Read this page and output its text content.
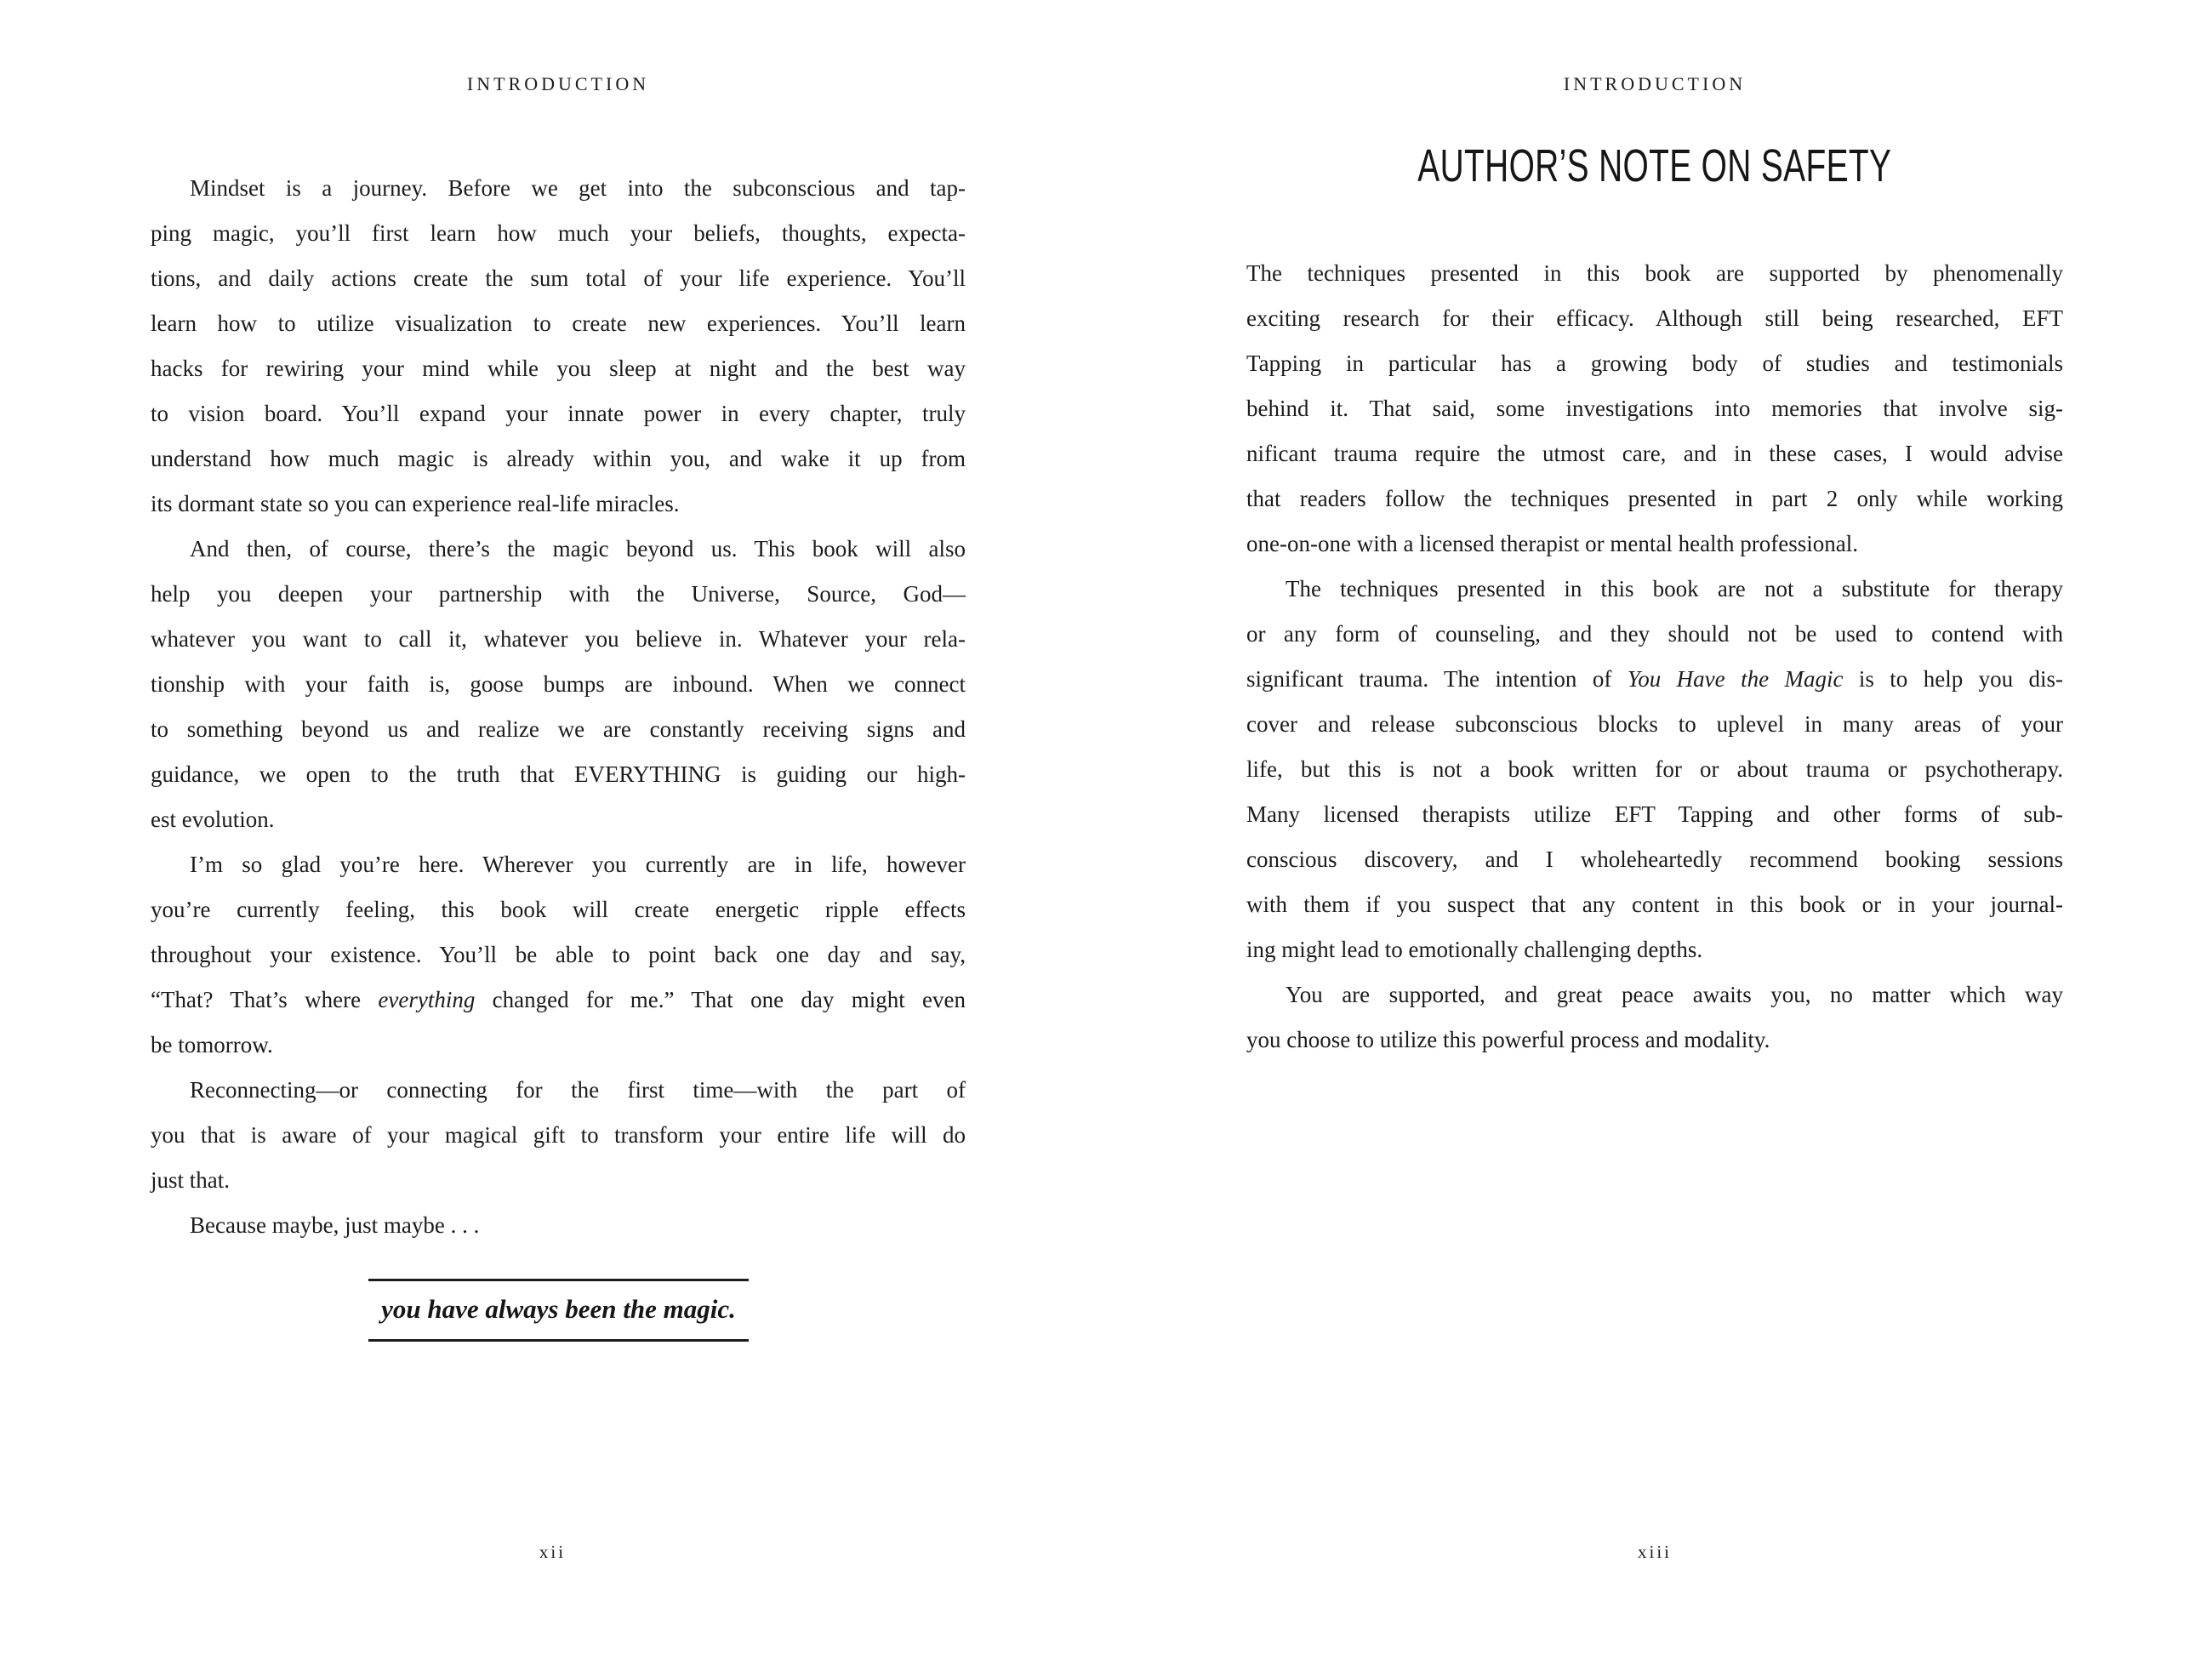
INTRODUCTION
Mindset is a journey. Before we get into the subconscious and tap-
ping magic, you’ll first learn how much your beliefs, thoughts, expecta-
tions, and daily actions create the sum total of your life experience. You’ll
learn how to utilize visualization to create new experiences. You’ll learn
hacks for rewiring your mind while you sleep at night and the best way
to vision board. You’ll expand your innate power in every chapter, truly
understand how much magic is already within you, and wake it up from
its dormant state so you can experience real-life miracles.
And then, of course, there’s the magic beyond us. This book will also
help you deepen your partnership with the Universe, Source, God—
whatever you want to call it, whatever you believe in. Whatever your rela-
tionship with your faith is, goose bumps are inbound. When we connect
to something beyond us and realize we are constantly receiving signs and
guidance, we open to the truth that EVERYTHING is guiding our high-
est evolution.
I’m so glad you’re here. Wherever you currently are in life, however
you’re currently feeling, this book will create energetic ripple effects
throughout your existence. You’ll be able to point back one day and say,
“That? That’s where everything changed for me.” That one day might even
be tomorrow.
Reconnecting—or connecting for the first time—with the part of
you that is aware of your magical gift to transform your entire life will do
just that.
Because maybe, just maybe . . .
you have always been the magic.
xii
INTRODUCTION
AUTHOR’S NOTE ON SAFETY
The techniques presented in this book are supported by phenomenally
exciting research for their efficacy. Although still being researched, EFT
Tapping in particular has a growing body of studies and testimonials
behind it. That said, some investigations into memories that involve sig-
nificant trauma require the utmost care, and in these cases, I would advise
that readers follow the techniques presented in part 2 only while working
one-on-one with a licensed therapist or mental health professional.
The techniques presented in this book are not a substitute for therapy
or any form of counseling, and they should not be used to contend with
significant trauma. The intention of You Have the Magic is to help you dis-
cover and release subconscious blocks to uplevel in many areas of your
life, but this is not a book written for or about trauma or psychotherapy.
Many licensed therapists utilize EFT Tapping and other forms of sub-
conscious discovery, and I wholeheartedly recommend booking sessions
with them if you suspect that any content in this book or in your journal-
ing might lead to emotionally challenging depths.
You are supported, and great peace awaits you, no matter which way
you choose to utilize this powerful process and modality.
xiii
